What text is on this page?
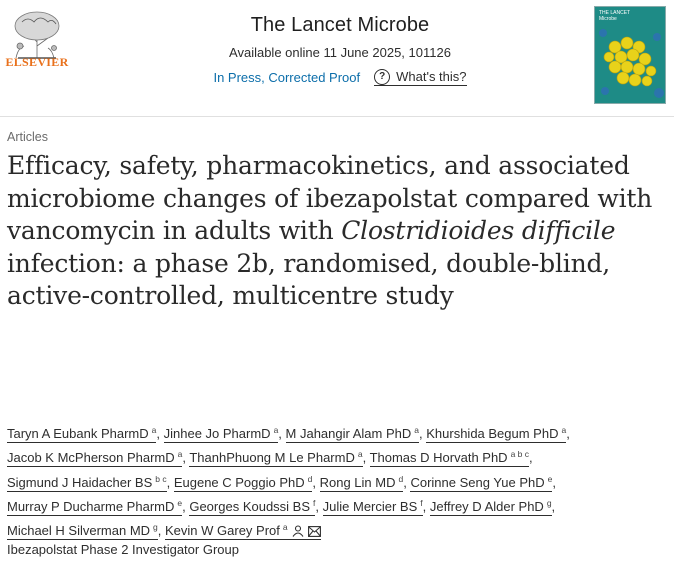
ELSEVIER
The Lancet Microbe
Available online 11 June 2025, 101126
In Press, Corrected Proof	? What's this?
THE LANCET
Microbe
Articles
Efficacy, safety, pharmacokinetics, and associated microbiome changes of ibezapolstat compared with vancomycin in adults with Clostridioides difficile infection: a phase 2b, randomised, double-blind, active-controlled, multicentre study
Taryn A Eubank PharmD $^a$, Jinhee Jo PharmD $^a$, M Jahangir Alam PhD $^a$, Khurshida Begum PhD $^a$, Jacob K McPherson PharmD $^a$, ThanhPhuong M Le PharmD $^a$, Thomas D Horvath PhD $^{a b c}$, Sigmund J Haidacher BS $^{b c}$, Eugene C Poggio PhD $^d$, Rong Lin MD $^d$, Corinne Seng Yue PhD $^e$, Murray P Ducharme PharmD $^e$, Georges Koudssi BS $^f$, Julie Mercier BS $^f$, Jeffrey D Alder PhD $^g$, Michael H Silverman MD $^g$, Kevin W Garey Prof $^a$
Ibezapolstat Phase 2 Investigator Group
